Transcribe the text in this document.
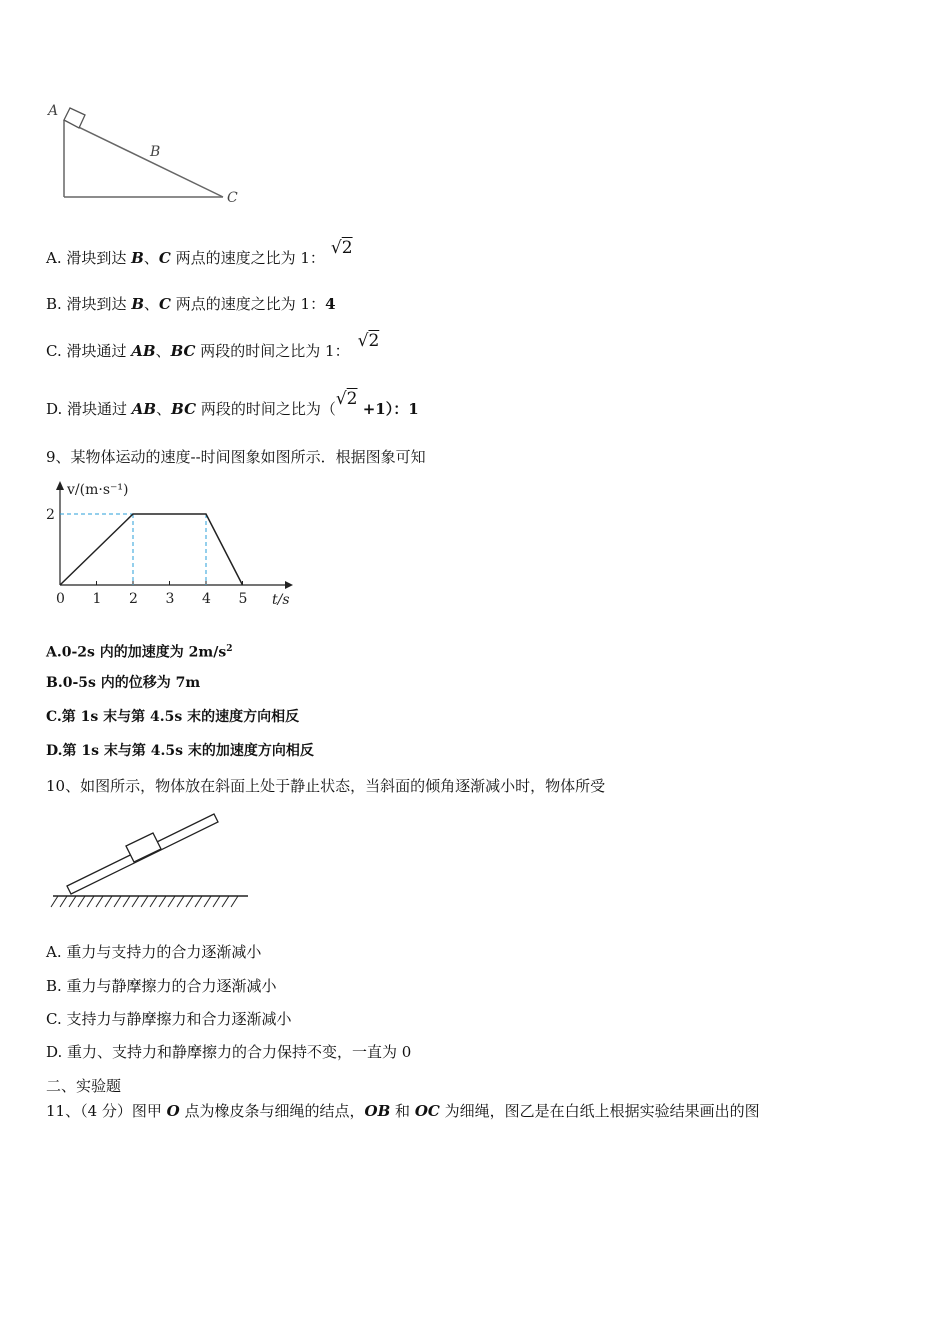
A
B
C
A. 滑块到达 B、C 两点的速度之比为 1： √2
B. 滑块到达 B、C 两点的速度之比为 1：4
C. 滑块通过 AB、BC 两段的时间之比为 1： √2
D. 滑块通过 AB、BC 两段的时间之比为（√2 +1）：1
9、某物体运动的速度--时间图象如图所示．根据图象可知
0 1 2 3 4 5
2
v/(m·s⁻¹)
t/s
A.0-2s 内的加速度为 $2m/s^2$
B.0-5s 内的位移为 7m
C.第 1s 末与第 4.5s 末的速度方向相反
D.第 1s 末与第 4.5s 末的加速度方向相反
10、如图所示，物体放在斜面上处于静止状态，当斜面的倾角逐渐减小时，物体所受
A. 重力与支持力的合力逐渐减小
B. 重力与静摩擦力的合力逐渐减小
C. 支持力与静摩擦力和合力逐渐减小
D. 重力、支持力和静摩擦力的合力保持不变，一直为 0
二、实验题
11、（4 分）图甲 O 点为橡皮条与细绳的结点，OB 和 OC 为细绳，图乙是在白纸上根据实验结果画出的图
